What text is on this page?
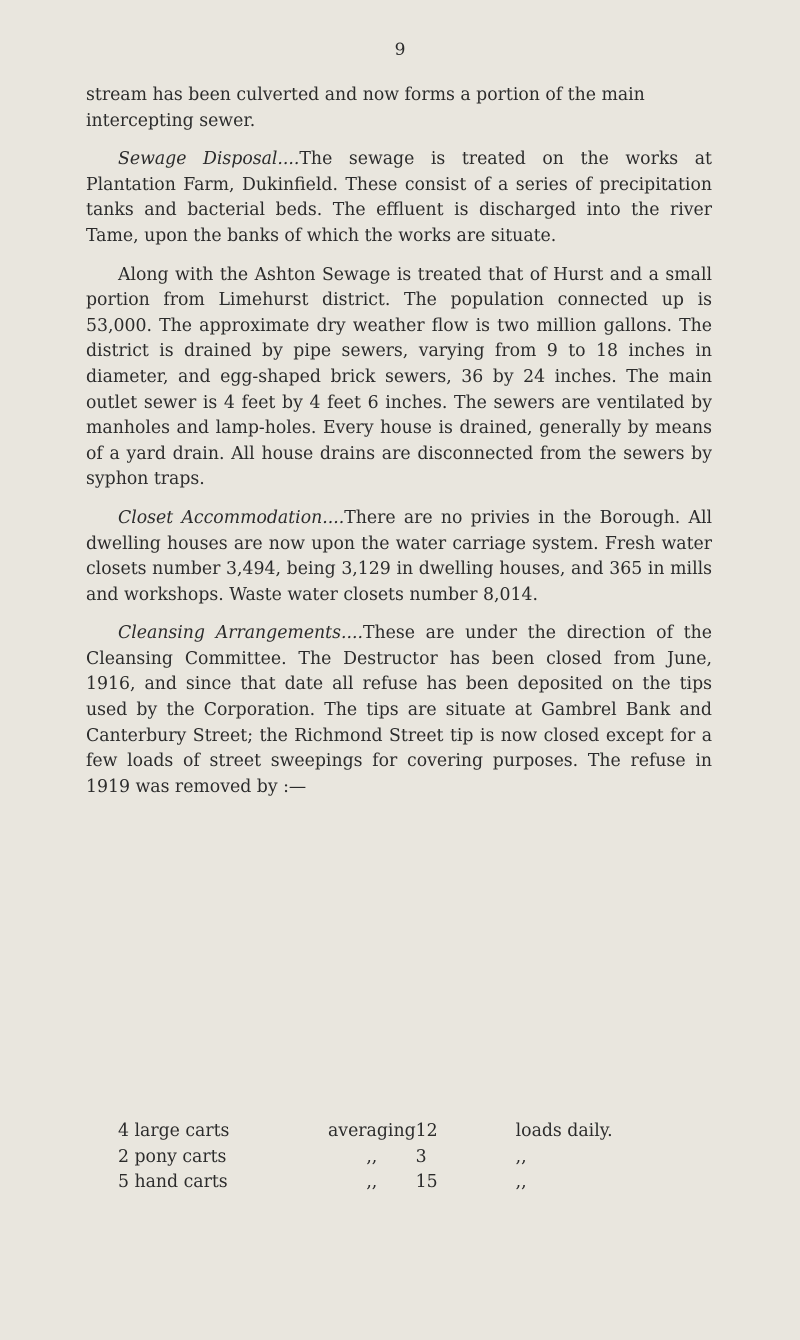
9

stream has been culverted and now forms a portion of the main intercepting sewer.

Sewage Disposal....The sewage is treated on the works at Plantation Farm, Dukinfield. These consist of a series of precipitation tanks and bacterial beds. The effluent is discharged into the river Tame, upon the banks of which the works are situate.

Along with the Ashton Sewage is treated that of Hurst and a small portion from Limehurst district. The population connected up is 53,000. The approximate dry weather flow is two million gallons. The district is drained by pipe sewers, varying from 9 to 18 inches in diameter, and egg-shaped brick sewers, 36 by 24 inches. The main outlet sewer is 4 feet by 4 feet 6 inches. The sewers are ventilated by manholes and lamp-holes. Every house is drained, generally by means of a yard drain. All house drains are disconnected from the sewers by syphon traps.

Closet Accommodation....There are no privies in the Borough. All dwelling houses are now upon the water carriage system. Fresh water closets number 3,494, being 3,129 in dwelling houses, and 365 in mills and workshops. Waste water closets number 8,014.

Cleansing Arrangements....These are under the direction of the Cleansing Committee. The Destructor has been closed from June, 1916, and since that date all refuse has been deposited on the tips used by the Corporation. The tips are situate at Gambrel Bank and Canterbury Street; the Richmond Street tip is now closed except for a few loads of street sweepings for covering purposes. The refuse in 1919 was removed by :—

4 large carts	averaging	12	loads daily.
2 pony carts	,,	3	,,
5 hand carts	,,	15	,,
